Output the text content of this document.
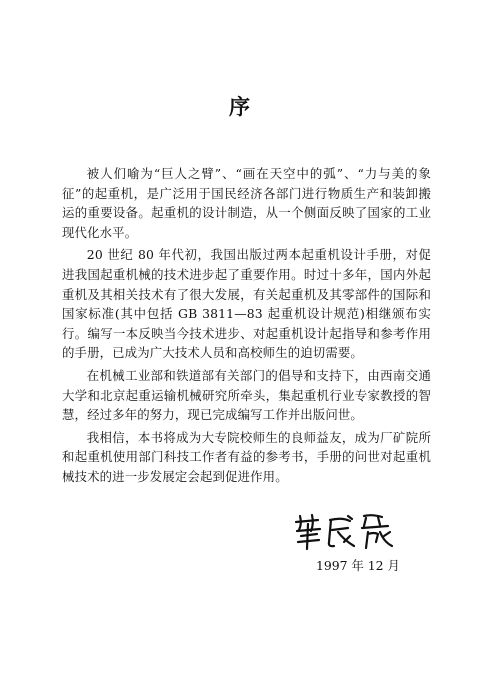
序

被人们喻为“巨人之臂”、“画在天空中的弧”、“力与美的象征”的起重机，是广泛用于国民经济各部门进行物质生产和装卸搬运的重要设备。起重机的设计制造，从一个侧面反映了国家的工业现代化水平。

20 世纪 80 年代初，我国出版过两本起重机设计手册，对促进我国起重机械的技术进步起了重要作用。时过十多年，国内外起重机及其相关技术有了很大发展，有关起重机及其零部件的国际和国家标准(其中包括 GB 3811—83 起重机设计规范)相继颁布实行。编写一本反映当今技术进步、对起重机设计起指导和参考作用的手册，已成为广大技术人员和高校师生的迫切需要。

在机械工业部和铁道部有关部门的倡导和支持下，由西南交通大学和北京起重运输机械研究所牵头，集起重机行业专家教授的智慧，经过多年的努力，现已完成编写工作并出版问世。

我相信，本书将成为大专院校师生的良师益友，成为厂矿院所和起重机使用部门科技工作者有益的参考书，手册的问世对起重机械技术的进一步发展定会起到促进作用。

1997 年 12 月
